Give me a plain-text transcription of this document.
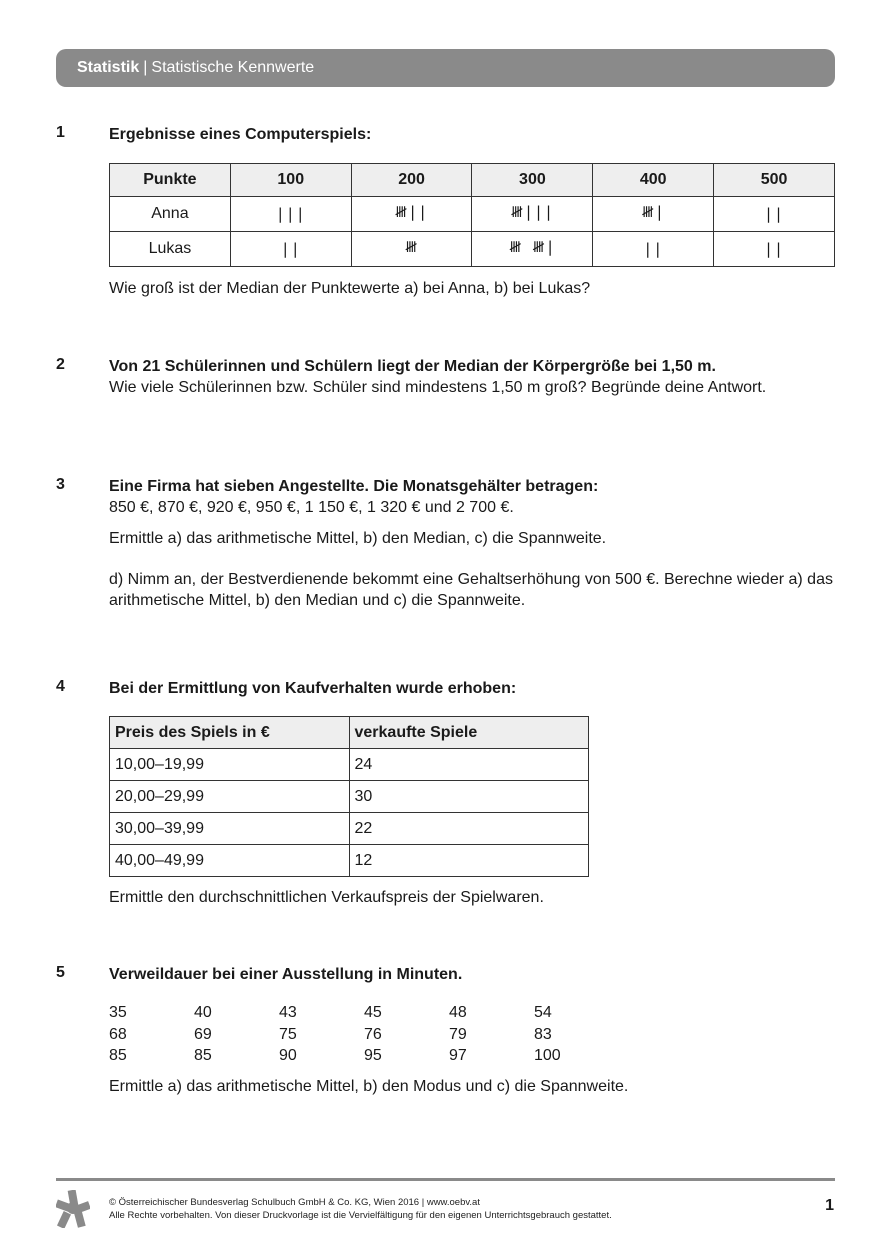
Statistik | Statistische Kennwerte
1	Ergebnisse eines Computerspiels:

Punkte	100	200	300	400	500
Anna	|||	𝍸||	𝍸|||	𝍸|	||
Lukas	||	𝍸	𝍸 𝍸|	||	||

Wie groß ist der Median der Punktewerte a) bei Anna, b) bei Lukas?

2	Von 21 Schülerinnen und Schülern liegt der Median der Körpergröße bei 1,50 m.

Wie viele Schülerinnen bzw. Schüler sind mindestens 1,50 m groß? Begründe deine Antwort.

3	Eine Firma hat sieben Angestellte. Die Monatsgehälter betragen:

850 €, 870 €, 920 €, 950 €, 1 150 €, 1 320 € und 2 700 €.

Ermittle a) das arithmetische Mittel, b) den Median, c) die Spannweite.

d) Nimm an, der Bestverdienende bekommt eine Gehaltserhöhung von 500 €. Berechne wieder a) das arithmetische Mittel, b) den Median und c) die Spannweite.

4	Bei der Ermittlung von Kaufverhalten wurde erhoben:

Preis des Spiels in €	verkaufte Spiele
10,00–19,99	24
20,00–29,99	30
30,00–39,99	22
40,00–49,99	12

Ermittle den durchschnittlichen Verkaufspreis der Spielwaren.

5	Verweildauer bei einer Ausstellung in Minuten.

35	40	43	45	48	54
68	69	75	76	79	83
85	85	90	95	97	100

Ermittle a) das arithmetische Mittel, b) den Modus und c) die Spannweite.

© Österreichischer Bundesverlag Schulbuch GmbH & Co. KG, Wien 2016 | www.oebv.at
Alle Rechte vorbehalten. Von dieser Druckvorlage ist die Vervielfältigung für den eigenen Unterrichtsgebrauch gestattet.
1
